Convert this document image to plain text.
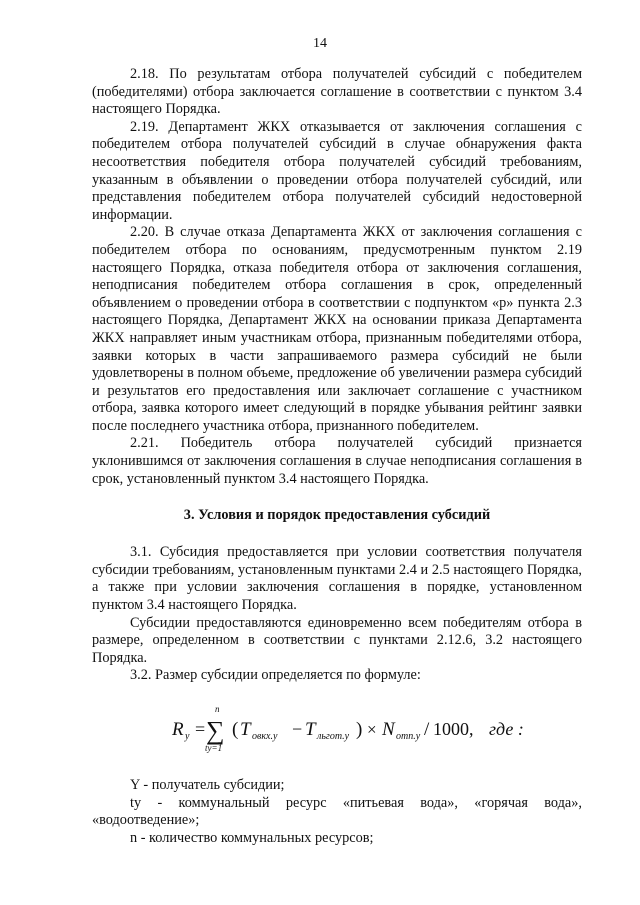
14

2.18. По результатам отбора получателей субсидий с победителем (победителями) отбора заключается соглашение в соответствии с пунктом 3.4 настоящего Порядка.

2.19. Департамент ЖКХ отказывается от заключения соглашения с победителем отбора получателей субсидий в случае обнаружения факта несоответствия победителя отбора получателей субсидий требованиям, указанным в объявлении о проведении отбора получателей субсидий, или представления победителем отбора получателей субсидий недостоверной информации.

2.20. В случае отказа Департамента ЖКХ от заключения соглашения с победителем отбора по основаниям, предусмотренным пунктом 2.19 настоящего Порядка, отказа победителя отбора от заключения соглашения, неподписания победителем отбора соглашения в срок, определенный объявлением о проведении отбора в соответствии с подпунктом «р» пункта 2.3 настоящего Порядка, Департамент ЖКХ на основании приказа Департамента ЖКХ направляет иным участникам отбора, признанным победителями отбора, заявки которых в части запрашиваемого размера субсидий не были удовлетворены в полном объеме, предложение об увеличении размера субсидий и результатов его предоставления или заключает соглашение с участником отбора, заявка которого имеет следующий в порядке убывания рейтинг заявки после последнего участника отбора, признанного победителем.

2.21. Победитель отбора получателей субсидий признается уклонившимся от заключения соглашения в случае неподписания соглашения в срок, установленный пунктом 3.4 настоящего Порядка.

3. Условия и порядок предоставления субсидий

3.1. Субсидия предоставляется при условии соответствия получателя субсидии требованиям, установленным пунктами 2.4 и 2.5 настоящего Порядка, а также при условии заключения соглашения в порядке, установленном пунктом 3.4 настоящего Порядка.

Субсидии предоставляются единовременно всем победителям отбора в размере, определенном в соответствии с пунктами 2.12.6, 3.2 настоящего Порядка.

3.2. Размер субсидии определяется по формуле:

R y =
n
∑
ty=1
( T овкх.у − T льгот.у ) × N отп.у / 1000, где :

Y - получатель субсидии;

ty - коммунальный ресурс «питьевая вода», «горячая вода», «водоотведение»;

n - количество коммунальных ресурсов;
